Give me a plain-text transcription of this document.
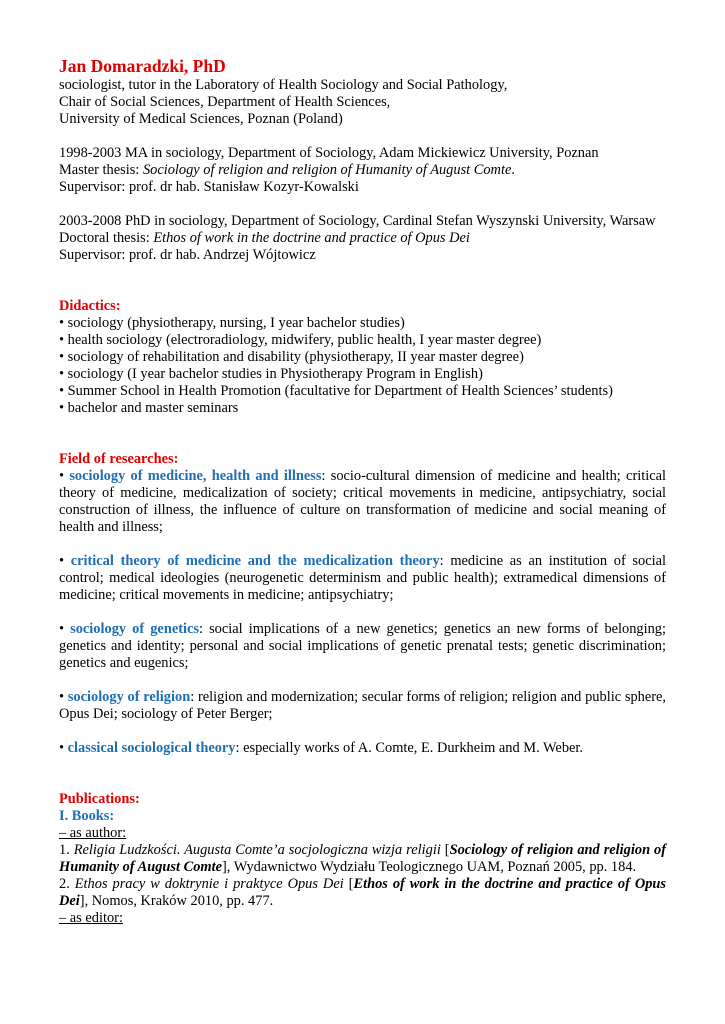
Jan Domaradzki, PhD

sociologist, tutor in the Laboratory of Health Sociology and Social Pathology,

Chair of Social Sciences, Department of Health Sciences,

University of Medical Sciences, Poznan (Poland)

1998-2003 MA in sociology, Department of Sociology, Adam Mickiewicz University, Poznan

Master thesis: Sociology of religion and religion of Humanity of August Comte.

Supervisor: prof. dr hab. Stanisław Kozyr-Kowalski

2003-2008 PhD in sociology, Department of Sociology, Cardinal Stefan Wyszynski University, Warsaw

Doctoral thesis: Ethos of work in the doctrine and practice of Opus Dei

Supervisor: prof. dr hab. Andrzej Wójtowicz

Didactics:

• sociology (physiotherapy, nursing, I year bachelor studies)

• health sociology (electroradiology, midwifery, public health, I year master degree)

• sociology of rehabilitation and disability (physiotherapy, II year master degree)

• sociology (I year bachelor studies in Physiotherapy Program in English)

• Summer School in Health Promotion (facultative for Department of Health Sciences’ students)

• bachelor and master seminars

Field of researches:

• sociology of medicine, health and illness: socio-cultural dimension of medicine and health; critical theory of medicine, medicalization of society; critical movements in medicine, antipsychiatry, social construction of illness, the influence of culture on transformation of medicine and social meaning of health and illness;

• critical theory of medicine and the medicalization theory: medicine as an institution of social control; medical ideologies (neurogenetic determinism and public health); extramedical dimensions of medicine; critical movements in medicine; antipsychiatry;

• sociology of genetics: social implications of a new genetics; genetics an new forms of belonging; genetics and identity; personal and social implications of genetic prenatal tests; genetic discrimination; genetics and eugenics;

• sociology of religion: religion and modernization; secular forms of religion; religion and public sphere, Opus Dei; sociology of Peter Berger;

• classical sociological theory: especially works of A. Comte, E. Durkheim and M. Weber.

Publications:

I. Books:

– as author:

1. Religia Ludzkości. Augusta Comte’a socjologiczna wizja religii [Sociology of religion and religion of Humanity of August Comte], Wydawnictwo Wydziału Teologicznego UAM, Poznań 2005, pp. 184.

2. Ethos pracy w doktrynie i praktyce Opus Dei [Ethos of work in the doctrine and practice of Opus Dei], Nomos, Kraków 2010, pp. 477.

– as editor:
